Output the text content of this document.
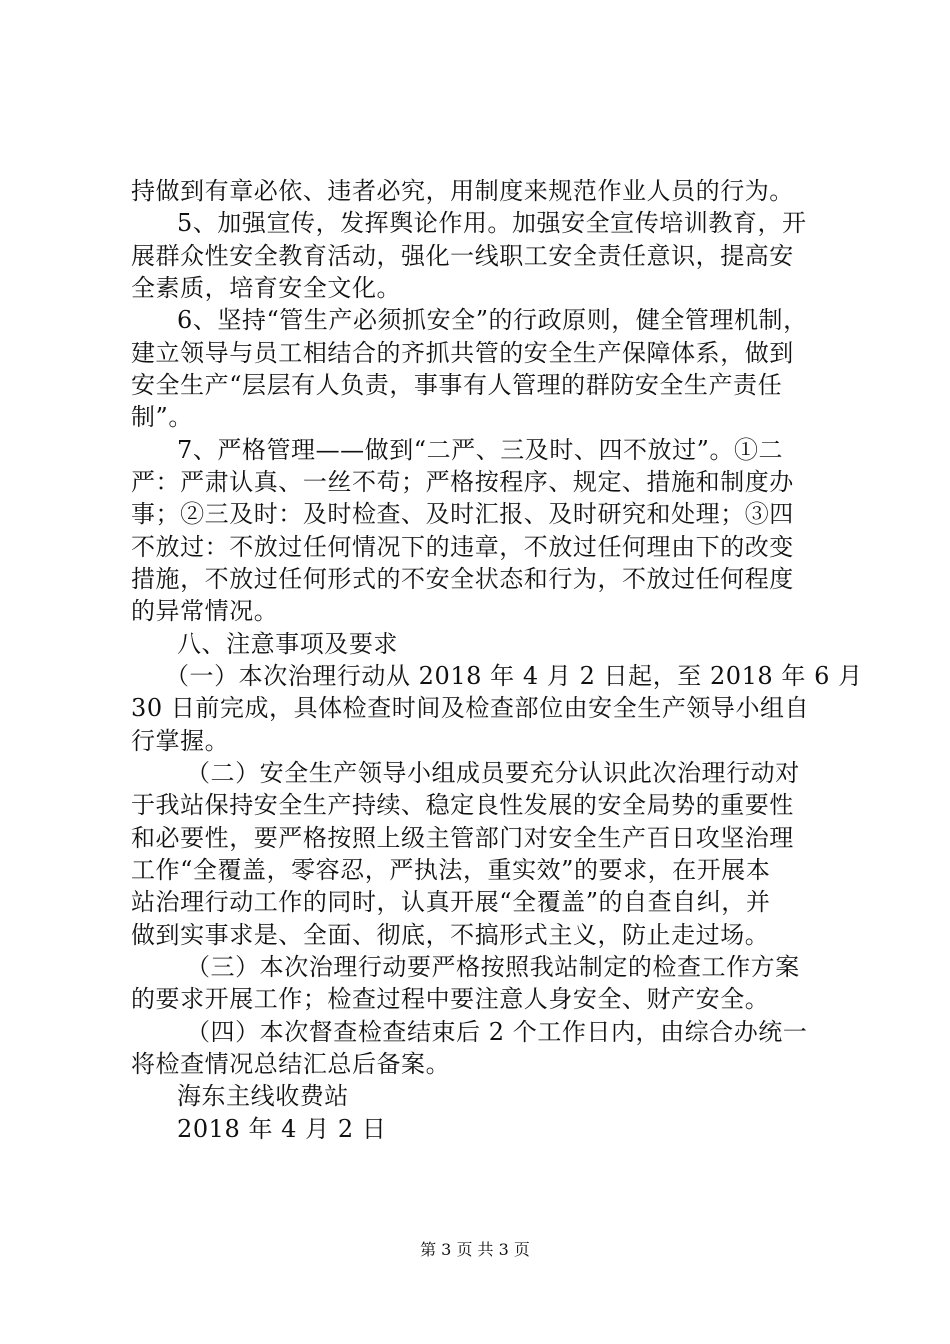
持做到有章必依、违者必究，用制度来规范作业人员的行为。
5、加强宣传，发挥舆论作用。加强安全宣传培训教育，开
展群众性安全教育活动，强化一线职工安全责任意识，提高安
全素质，培育安全文化。
6、坚持“管生产必须抓安全”的行政原则，健全管理机制，
建立领导与员工相结合的齐抓共管的安全生产保障体系，做到
安全生产“层层有人负责，事事有人管理的群防安全生产责任
制”。
7、严格管理——做到“二严、三及时、四不放过”。①二
严：严肃认真、一丝不苟；严格按程序、规定、措施和制度办
事；②三及时：及时检查、及时汇报、及时研究和处理；③四
不放过：不放过任何情况下的违章，不放过任何理由下的改变
措施，不放过任何形式的不安全状态和行为，不放过任何程度
的异常情况。
八、注意事项及要求
（一）本次治理行动从 2018 年 4 月 2 日起，至 2018 年 6 月
30 日前完成，具体检查时间及检查部位由安全生产领导小组自
行掌握。
（二）安全生产领导小组成员要充分认识此次治理行动对
于我站保持安全生产持续、稳定良性发展的安全局势的重要性
和必要性，要严格按照上级主管部门对安全生产百日攻坚治理
工作“全覆盖，零容忍，严执法，重实效”的要求，在开展本
站治理行动工作的同时，认真开展“全覆盖”的自查自纠，并
做到实事求是、全面、彻底，不搞形式主义，防止走过场。
（三）本次治理行动要严格按照我站制定的检查工作方案
的要求开展工作；检查过程中要注意人身安全、财产安全。
（四）本次督查检查结束后 2 个工作日内，由综合办统一
将检查情况总结汇总后备案。
海东主线收费站
2018 年 4 月 2 日
第 3 页 共 3 页
